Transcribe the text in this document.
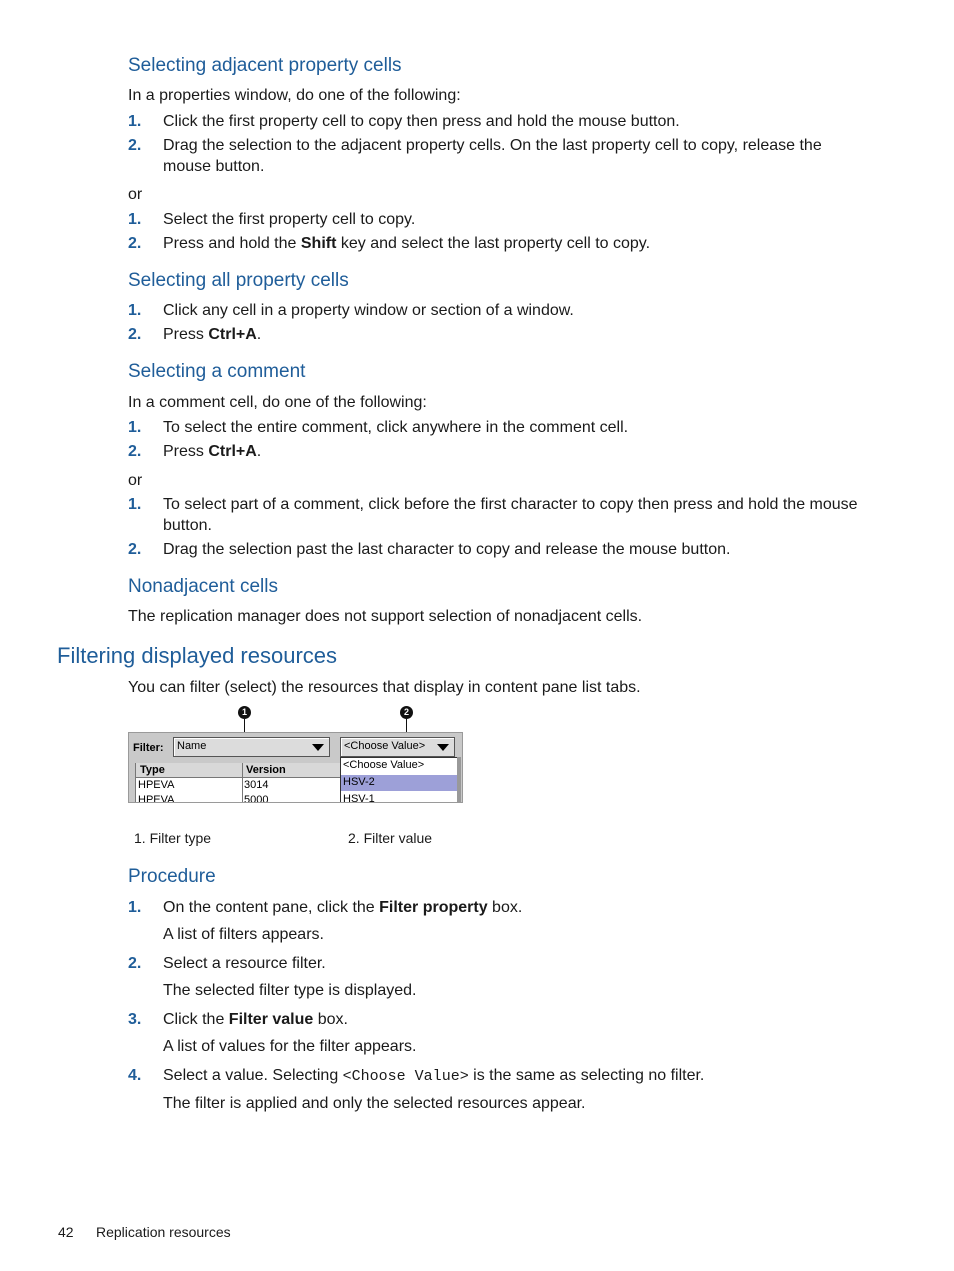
Selecting adjacent property cells
In a properties window, do one of the following:
1. Click the first property cell to copy then press and hold the mouse button.
2. Drag the selection to the adjacent property cells. On the last property cell to copy, release the mouse button.
or
1. Select the first property cell to copy.
2. Press and hold the Shift key and select the last property cell to copy.
Selecting all property cells
1. Click any cell in a property window or section of a window.
2. Press Ctrl+A.
Selecting a comment
In a comment cell, do one of the following:
1. To select the entire comment, click anywhere in the comment cell.
2. Press Ctrl+A.
or
1. To select part of a comment, click before the first character to copy then press and hold the mouse button.
2. Drag the selection past the last character to copy and release the mouse button.
Nonadjacent cells
The replication manager does not support selection of nonadjacent cells.
Filtering displayed resources
You can filter (select) the resources that display in content pane list tabs.
1	2
Filter: Name	<Choose Value>
Type	Version
HPEVA	3014
HPEVA	5000
<Choose Value>
HSV-2
HSV-1
1. Filter type	2. Filter value
Procedure
1. On the content pane, click the Filter property box.
A list of filters appears.
2. Select a resource filter.
The selected filter type is displayed.
3. Click the Filter value box.
A list of values for the filter appears.
4. Select a value. Selecting <Choose Value> is the same as selecting no filter.
The filter is applied and only the selected resources appear.
42 Replication resources
